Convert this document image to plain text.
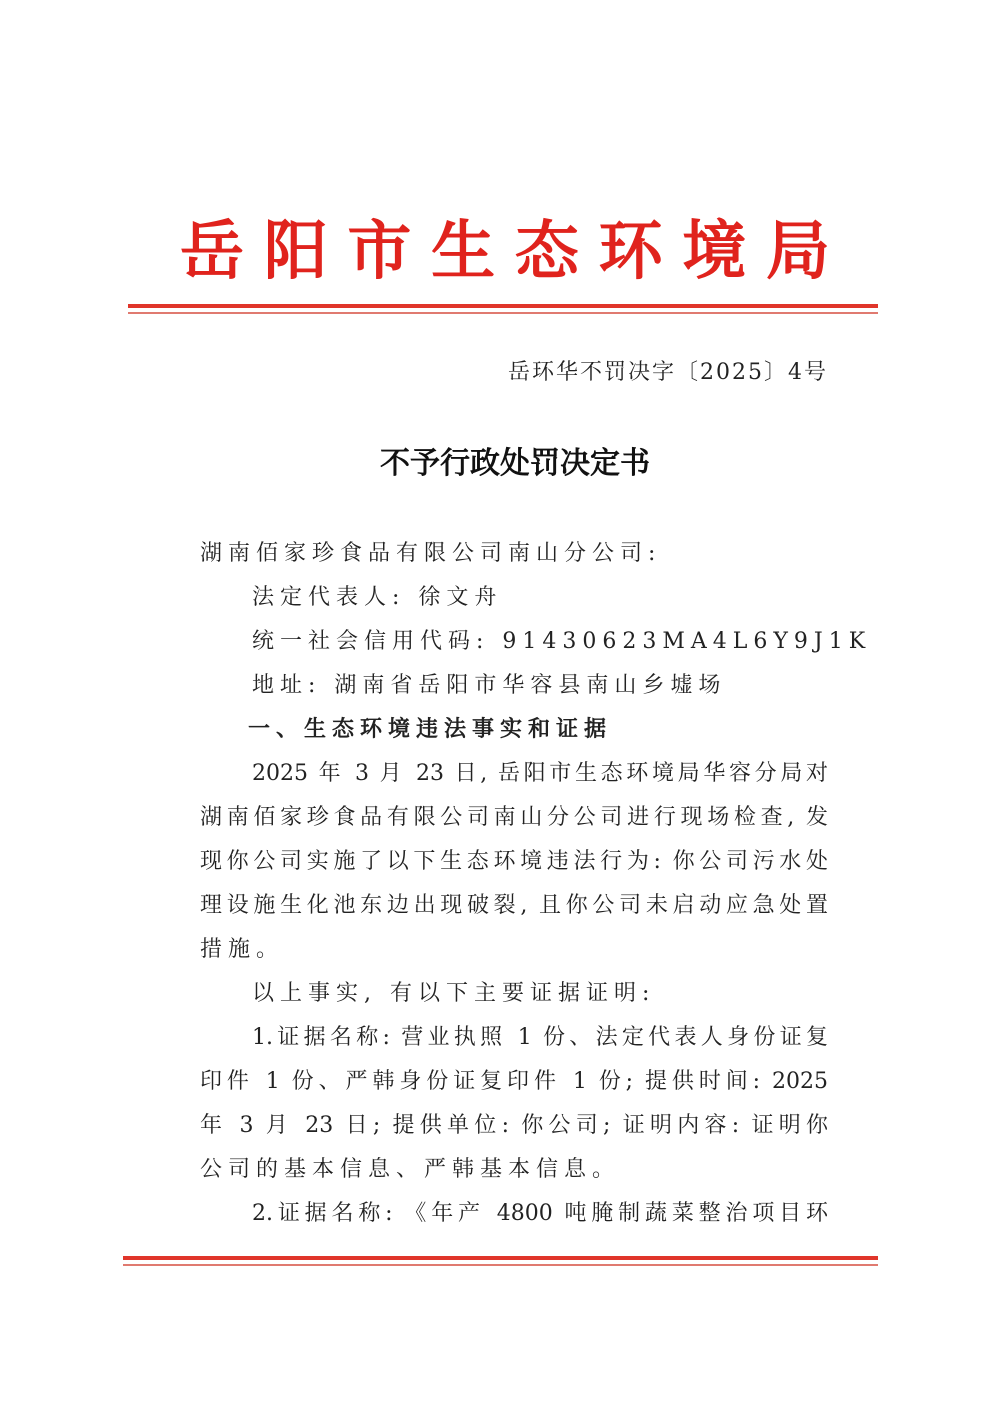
岳阳市生态环境局
岳环华不罚决字〔2025〕4号
不予行政处罚决定书
湖南佰家珍食品有限公司南山分公司:
法定代表人: 徐文舟
统一社会信用代码: 91430623MA4L6Y9J1K
地址: 湖南省岳阳市华容县南山乡墟场
一、生态环境违法事实和证据
2025 年 3 月 23 日, 岳阳市生态环境局华容分局对
湖南佰家珍食品有限公司南山分公司进行现场检查, 发
现你公司实施了以下生态环境违法行为: 你公司污水处
理设施生化池东边出现破裂, 且你公司未启动应急处置
措施。
以上事实, 有以下主要证据证明:
1.证据名称: 营业执照 1 份、法定代表人身份证复
印件 1 份、严韩身份证复印件 1 份; 提供时间: 2025
年 3 月 23 日; 提供单位: 你公司; 证明内容: 证明你
公司的基本信息、严韩基本信息。
2.证据名称: 《年产 4800 吨腌制蔬菜整治项目环
